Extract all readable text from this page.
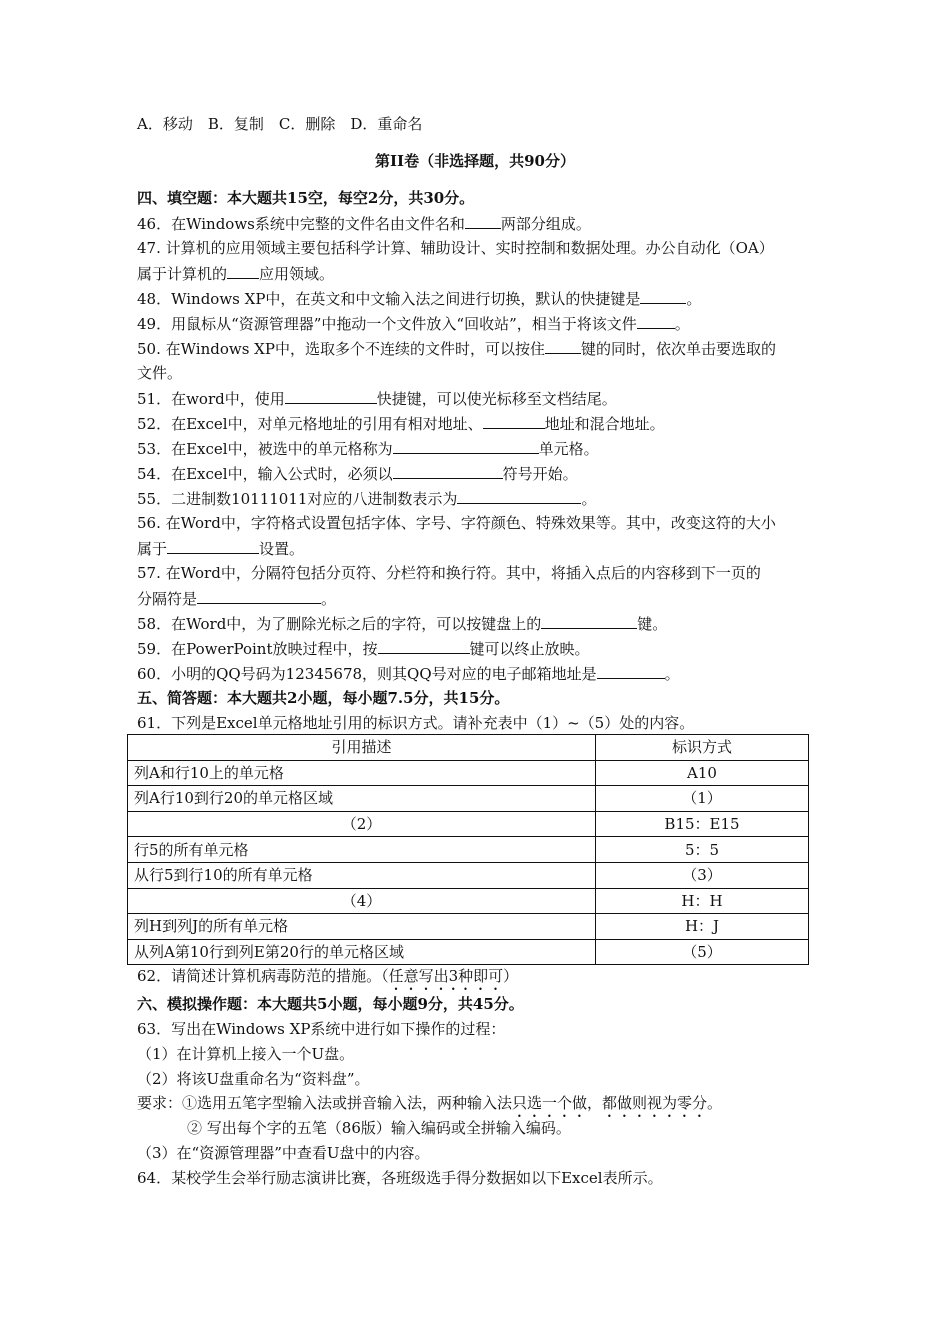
A．移动　B．复制　C．删除　D．重命名
第II卷（非选择题，共90分）
四、填空题：本大题共15空，每空2分，共30分。
46．在Windows系统中完整的文件名由文件名和 两部分组成。
47. 计算机的应用领域主要包括科学计算、辅助设计、实时控制和数据处理。办公自动化（OA）
属于计算机的 应用领域。
48．Windows XP中，在英文和中文输入法之间进行切换，默认的快捷键是	。
49．用鼠标从“资源管理器”中拖动一个文件放入“回收站”，相当于将该文件	。
50. 在Windows XP中，选取多个不连续的文件时，可以按住 键的同时，依次单击要选取的
文件。
51．在word中，使用	快捷键，可以使光标移至文档结尾。
52．在Excel中，对单元格地址的引用有相对地址、	地址和混合地址。
53．在Excel中，被选中的单元格称为	单元格。
54．在Excel中，输入公式时，必须以	符号开始。
55．二进制数10111011对应的八进制数表示为	。
56. 在Word中，字符格式设置包括字体、字号、字符颜色、特殊效果等。其中，改变这符的大小
属于	设置。
57. 在Word中，分隔符包括分页符、分栏符和换行符。其中，将插入点后的内容移到下一页的
分隔符是	。
58．在Word中，为了删除光标之后的字符，可以按键盘上的	键。
59．在PowerPoint放映过程中，按	键可以终止放映。
60．小明的QQ号码为12345678，则其QQ号对应的电子邮箱地址是	。
五、简答题：本大题共2小题，每小题7.5分，共15分。
61．下列是Excel单元格地址引用的标识方式。请补充表中（1）~（5）处的内容。
引用描述	标识方式
列A和行10上的单元格	A10
列A行10到行20的单元格区域	（1）
（2）	B15：E15
行5的所有单元格	5：5
从行5到行10的所有单元格	（3）
（4）	H：H
列H到列J的所有单元格	H：J
从列A第10行到列E第20行的单元格区域	（5）
62．请简述计算机病毒防范的措施。（任意写出3种即可）
六、模拟操作题：本大题共5小题，每小题9分，共45分。
63．写出在Windows XP系统中进行如下操作的过程：
（1）在计算机上接入一个U盘。
（2）将该U盘重命名为“资料盘”。
要求：①选用五笔字型输入法或拼音输入法，两种输入法只选一个做，都做则视为零分。
② 写出每个字的五笔（86版）输入编码或全拼输入编码。
（3）在“资源管理器”中查看U盘中的内容。
64．某校学生会举行励志演讲比赛，各班级选手得分数据如以下Excel表所示。
